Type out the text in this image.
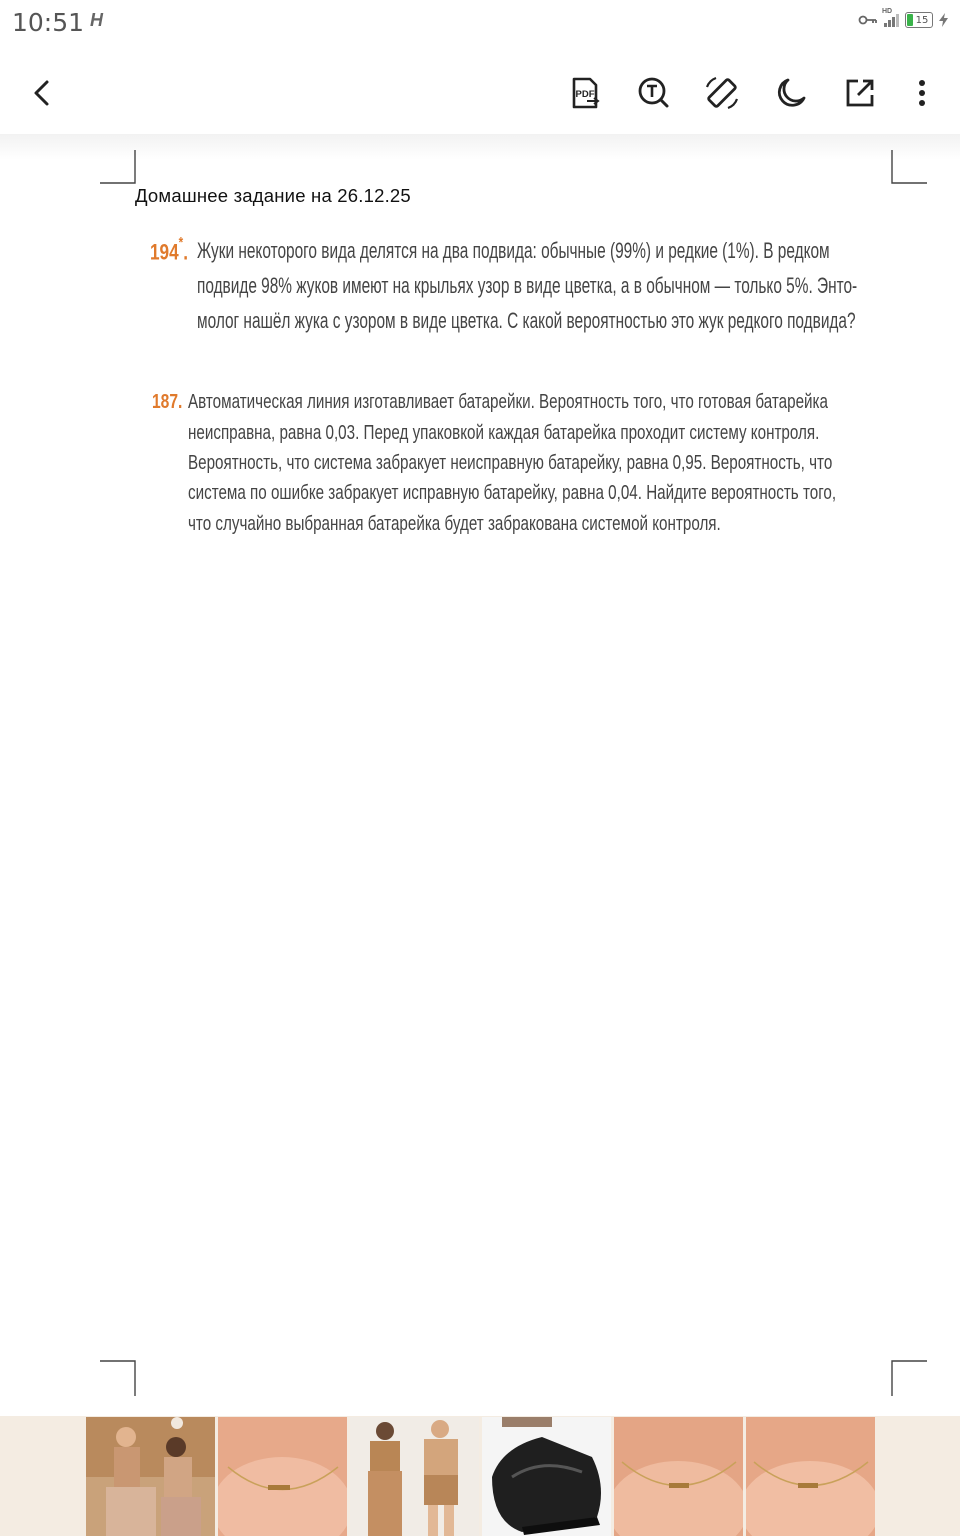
10:51 H	HD
15
PDF
Домашнее задание на 26.12.25
194*. Жуки некоторого вида делятся на два подвида: обычные (99%) и редкие (1%). В редком
подвиде 98% жуков имеют на крыльях узор в виде цветка, а в обычном — только 5%. Энто-
молог нашёл жука с узором в виде цветка. С какой вероятностью это жук редкого подвида?
187. Автоматическая линия изготавливает батарейки. Вероятность того, что готовая батарейка
неисправна, равна 0,03. Перед упаковкой каждая батарейка проходит систему контроля.
Вероятность, что система забракует неисправную батарейку, равна 0,95. Вероятность, что
система по ошибке забракует исправную батарейку, равна 0,04. Найдите вероятность того,
что случайно выбранная батарейка будет забракована системой контроля.
